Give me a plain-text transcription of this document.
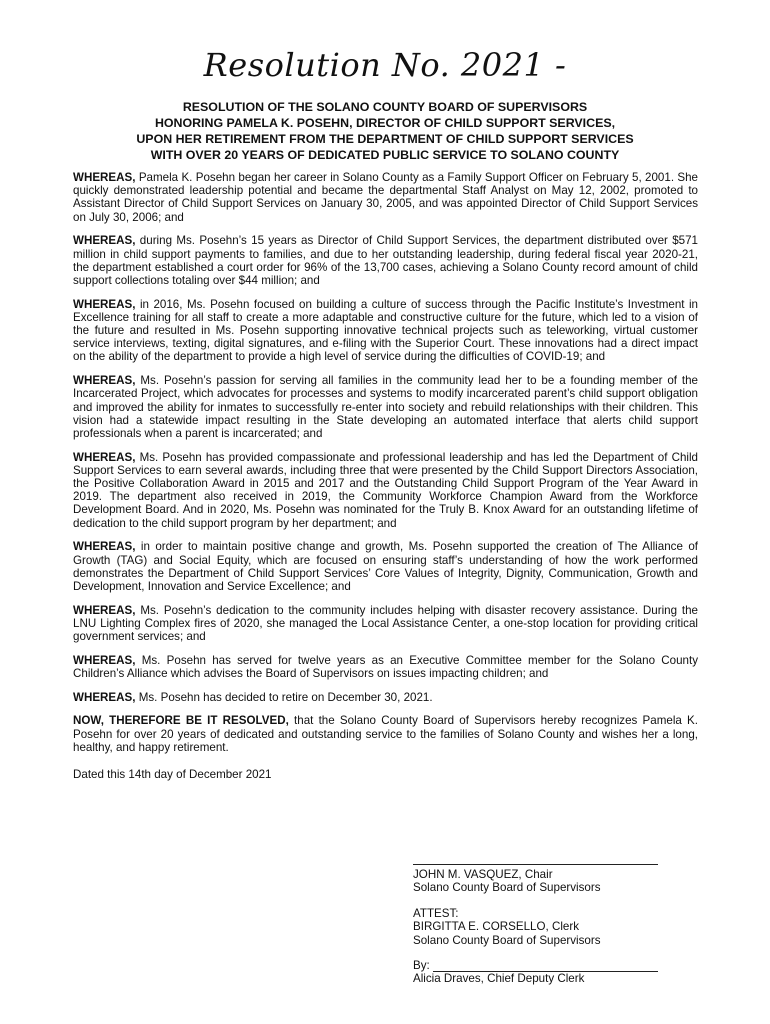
Resolution No. 2021 -
RESOLUTION OF THE SOLANO COUNTY BOARD OF SUPERVISORS
HONORING PAMELA K. POSEHN, DIRECTOR OF CHILD SUPPORT SERVICES,
UPON HER RETIREMENT FROM THE DEPARTMENT OF CHILD SUPPORT SERVICES
WITH OVER 20 YEARS OF DEDICATED PUBLIC SERVICE TO SOLANO COUNTY

WHEREAS, Pamela K. Posehn began her career in Solano County as a Family Support Officer on February 5, 2001. She quickly demonstrated leadership potential and became the departmental Staff Analyst on May 12, 2002, promoted to Assistant Director of Child Support Services on January 30, 2005, and was appointed Director of Child Support Services on July 30, 2006; and

WHEREAS, during Ms. Posehn’s 15 years as Director of Child Support Services, the department distributed over $571 million in child support payments to families, and due to her outstanding leadership, during federal fiscal year 2020-21, the department established a court order for 96% of the 13,700 cases, achieving a Solano County record amount of child support collections totaling over $44 million; and

WHEREAS, in 2016, Ms. Posehn focused on building a culture of success through the Pacific Institute’s Investment in Excellence training for all staff to create a more adaptable and constructive culture for the future, which led to a vision of the future and resulted in Ms. Posehn supporting innovative technical projects such as teleworking, virtual customer service interviews, texting, digital signatures, and e-filing with the Superior Court. These innovations had a direct impact on the ability of the department to provide a high level of service during the difficulties of COVID-19; and

WHEREAS, Ms. Posehn’s passion for serving all families in the community lead her to be a founding member of the Incarcerated Project, which advocates for processes and systems to modify incarcerated parent’s child support obligation and improved the ability for inmates to successfully re-enter into society and rebuild relationships with their children. This vision had a statewide impact resulting in the State developing an automated interface that alerts child support professionals when a parent is incarcerated; and

WHEREAS, Ms. Posehn has provided compassionate and professional leadership and has led the Department of Child Support Services to earn several awards, including three that were presented by the Child Support Directors Association, the Positive Collaboration Award in 2015 and 2017 and the Outstanding Child Support Program of the Year Award in 2019. The department also received in 2019, the Community Workforce Champion Award from the Workforce Development Board. And in 2020, Ms. Posehn was nominated for the Truly B. Knox Award for an outstanding lifetime of dedication to the child support program by her department; and

WHEREAS, in order to maintain positive change and growth, Ms. Posehn supported the creation of The Alliance of Growth (TAG) and Social Equity, which are focused on ensuring staff’s understanding of how the work performed demonstrates the Department of Child Support Services’ Core Values of Integrity, Dignity, Communication, Growth and Development, Innovation and Service Excellence; and

WHEREAS, Ms. Posehn’s dedication to the community includes helping with disaster recovery assistance. During the LNU Lighting Complex fires of 2020, she managed the Local Assistance Center, a one-stop location for providing critical government services; and

WHEREAS, Ms. Posehn has served for twelve years as an Executive Committee member for the Solano County Children’s Alliance which advises the Board of Supervisors on issues impacting children; and

WHEREAS, Ms. Posehn has decided to retire on December 30, 2021.

NOW, THEREFORE BE IT RESOLVED, that the Solano County Board of Supervisors hereby recognizes Pamela K. Posehn for over 20 years of dedicated and outstanding service to the families of Solano County and wishes her a long, healthy, and happy retirement.

Dated this 14th day of December 2021
JOHN M. VASQUEZ, Chair
Solano County Board of Supervisors
ATTEST:
BIRGITTA E. CORSELLO, Clerk
Solano County Board of Supervisors
By:
Alicia Draves, Chief Deputy Clerk
